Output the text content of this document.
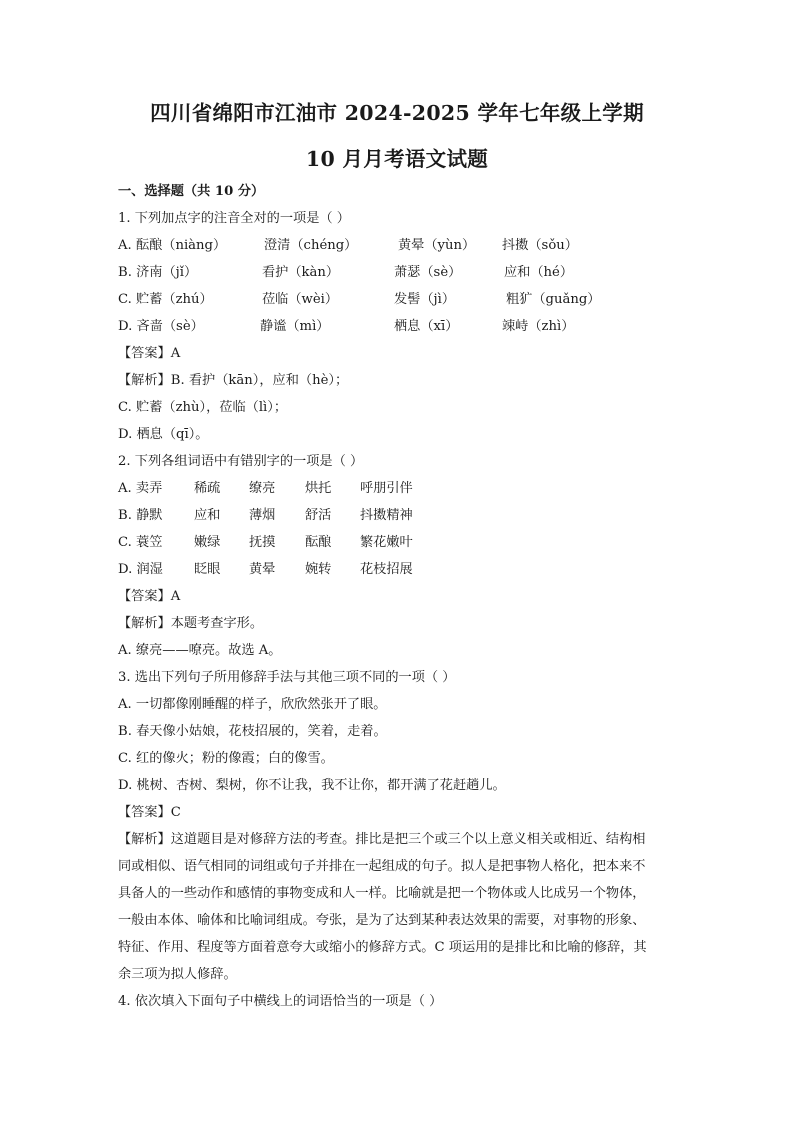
四川省绵阳市江油市 2024-2025 学年七年级上学期
10 月月考语文试题
一、选择题（共 10 分）
1. 下列加点字的注音全对的一项是（ ）
A. 酝酿（niàng）	澄清（chéng）	黄晕（yùn） 抖擞（sǒu）
B. 济南（jǐ）	看护（kàn）	萧瑟（sè）	应和（hé）
C. 贮蓄（zhú）	莅临（wèi）	发髻（jì）	粗犷（guǎng）
D. 吝啬（sè）	静谧（mì）	栖息（xī）	竦峙（zhì）
【答案】A
【解析】B. 看护（kān），应和（hè）；
C. 贮蓄（zhù），莅临（lì）；
D. 栖息（qī）。
2. 下列各组词语中有错别字的一项是（ ）
A. 卖弄 稀疏 缭亮 烘托 呼朋引伴
B. 静默 应和 薄烟 舒活 抖擞精神
C. 蓑笠 嫩绿 抚摸 酝酿 繁花嫩叶
D. 润湿 眨眼 黄晕 婉转 花枝招展
【答案】A
【解析】本题考查字形。
A. 缭亮——嘹亮。故选 A。
3. 选出下列句子所用修辞手法与其他三项不同的一项（ ）
A. 一切都像刚睡醒的样子，欣欣然张开了眼。
B. 春天像小姑娘，花枝招展的，笑着，走着。
C. 红的像火；粉的像霞；白的像雪。
D. 桃树、杏树、梨树，你不让我，我不让你，都开满了花赶趟儿。
【答案】C
【解析】这道题目是对修辞方法的考查。排比是把三个或三个以上意义相关或相近、结构相
同或相似、语气相同的词组或句子并排在一起组成的句子。拟人是把事物人格化，把本来不
具备人的一些动作和感情的事物变成和人一样。比喻就是把一个物体或人比成另一个物体，
一般由本体、喻体和比喻词组成。夸张，是为了达到某种表达效果的需要，对事物的形象、
特征、作用、程度等方面着意夸大或缩小的修辞方式。C 项运用的是排比和比喻的修辞，其
余三项为拟人修辞。
4. 依次填入下面句子中横线上的词语恰当的一项是（ ）
